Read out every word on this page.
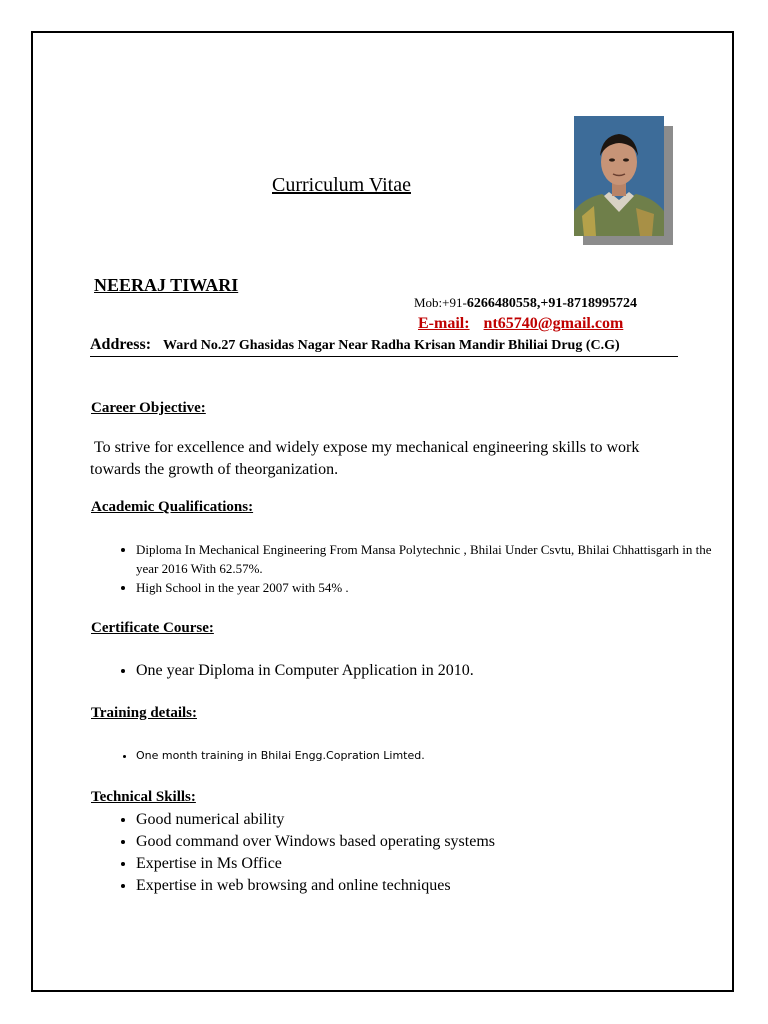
Curriculum Vitae
NEERAJ TIWARI
Mob:+91-6266480558,+91-8718995724
E-mail: nt65740@gmail.com
Address: Ward No.27 Ghasidas Nagar Near Radha Krisan Mandir Bhiliai Drug (C.G)
Career Objective:

To strive for excellence and widely expose my mechanical engineering skills to work towards the growth of theorganization.

Academic Qualifications:
• Diploma In Mechanical Engineering From Mansa Polytechnic , Bhilai Under Csvtu, Bhilai Chhattisgarh in the year 2016 With 62.57%.
• High School in the year 2007 with 54% .
Certificate Course:
• One year Diploma in Computer Application in 2010.
Training details:
• One month training in Bhilai Engg.Copration Limted.
Technical Skills:
• Good numerical ability
• Good command over Windows based operating systems
• Expertise in Ms Office
• Expertise in web browsing and online techniques
